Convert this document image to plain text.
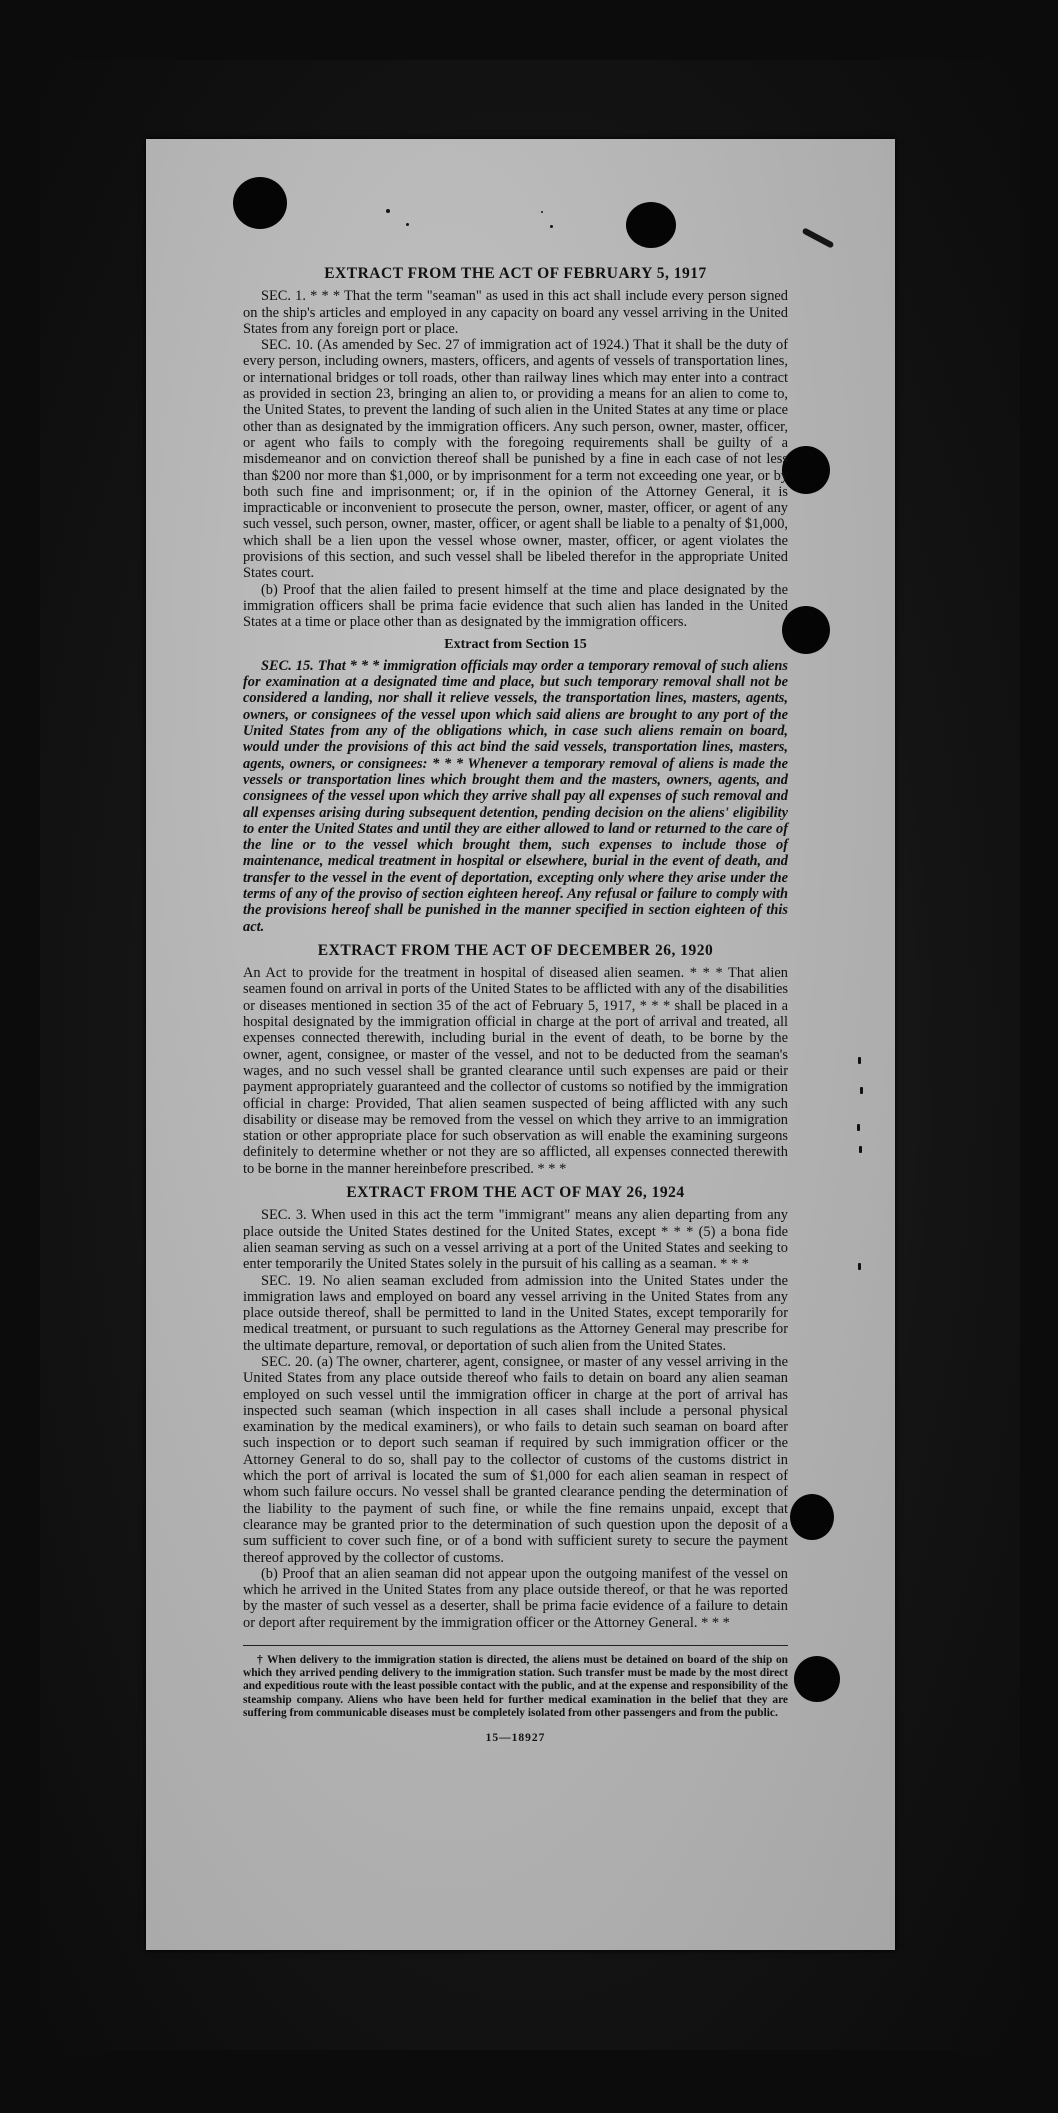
EXTRACT FROM THE ACT OF FEBRUARY 5, 1917

SEC. 1. * * * That the term "seaman" as used in this act shall include every person signed on the ship's articles and employed in any capacity on board any vessel arriving in the United States from any foreign port or place.

SEC. 10. (As amended by Sec. 27 of immigration act of 1924.) That it shall be the duty of every person, including owners, masters, officers, and agents of vessels of transportation lines, or international bridges or toll roads, other than railway lines which may enter into a contract as provided in section 23, bringing an alien to, or providing a means for an alien to come to, the United States, to prevent the landing of such alien in the United States at any time or place other than as designated by the immigration officers. Any such person, owner, master, officer, or agent who fails to comply with the foregoing requirements shall be guilty of a misdemeanor and on conviction thereof shall be punished by a fine in each case of not less than $200 nor more than $1,000, or by imprisonment for a term not exceeding one year, or by both such fine and imprisonment; or, if in the opinion of the Attorney General, it is impracticable or inconvenient to prosecute the person, owner, master, officer, or agent of any such vessel, such person, owner, master, officer, or agent shall be liable to a penalty of $1,000, which shall be a lien upon the vessel whose owner, master, officer, or agent violates the provisions of this section, and such vessel shall be libeled therefor in the appropriate United States court.

(b) Proof that the alien failed to present himself at the time and place designated by the immigration officers shall be prima facie evidence that such alien has landed in the United States at a time or place other than as designated by the immigration officers.

Extract from Section 15

SEC. 15. That * * * immigration officials may order a temporary removal of such aliens for examination at a designated time and place, but such temporary removal shall not be considered a landing, nor shall it relieve vessels, the transportation lines, masters, agents, owners, or consignees of the vessel upon which said aliens are brought to any port of the United States from any of the obligations which, in case such aliens remain on board, would under the provisions of this act bind the said vessels, transportation lines, masters, agents, owners, or consignees: * * * Whenever a temporary removal of aliens is made the vessels or transportation lines which brought them and the masters, owners, agents, and consignees of the vessel upon which they arrive shall pay all expenses of such removal and all expenses arising during subsequent detention, pending decision on the aliens' eligibility to enter the United States and until they are either allowed to land or returned to the care of the line or to the vessel which brought them, such expenses to include those of maintenance, medical treatment in hospital or elsewhere, burial in the event of death, and transfer to the vessel in the event of deportation, excepting only where they arise under the terms of any of the proviso of section eighteen hereof. Any refusal or failure to comply with the provisions hereof shall be punished in the manner specified in section eighteen of this act.

EXTRACT FROM THE ACT OF DECEMBER 26, 1920

An Act to provide for the treatment in hospital of diseased alien seamen. * * * That alien seamen found on arrival in ports of the United States to be afflicted with any of the disabilities or diseases mentioned in section 35 of the act of February 5, 1917, * * * shall be placed in a hospital designated by the immigration official in charge at the port of arrival and treated, all expenses connected therewith, including burial in the event of death, to be borne by the owner, agent, consignee, or master of the vessel, and not to be deducted from the seaman's wages, and no such vessel shall be granted clearance until such expenses are paid or their payment appropriately guaranteed and the collector of customs so notified by the immigration official in charge: Provided, That alien seamen suspected of being afflicted with any such disability or disease may be removed from the vessel on which they arrive to an immigration station or other appropriate place for such observation as will enable the examining surgeons definitely to determine whether or not they are so afflicted, all expenses connected therewith to be borne in the manner hereinbefore prescribed. * * *

EXTRACT FROM THE ACT OF MAY 26, 1924

SEC. 3. When used in this act the term "immigrant" means any alien departing from any place outside the United States destined for the United States, except * * * (5) a bona fide alien seaman serving as such on a vessel arriving at a port of the United States and seeking to enter temporarily the United States solely in the pursuit of his calling as a seaman. * * *

SEC. 19. No alien seaman excluded from admission into the United States under the immigration laws and employed on board any vessel arriving in the United States from any place outside thereof, shall be permitted to land in the United States, except temporarily for medical treatment, or pursuant to such regulations as the Attorney General may prescribe for the ultimate departure, removal, or deportation of such alien from the United States.

SEC. 20. (a) The owner, charterer, agent, consignee, or master of any vessel arriving in the United States from any place outside thereof who fails to detain on board any alien seaman employed on such vessel until the immigration officer in charge at the port of arrival has inspected such seaman (which inspection in all cases shall include a personal physical examination by the medical examiners), or who fails to detain such seaman on board after such inspection or to deport such seaman if required by such immigration officer or the Attorney General to do so, shall pay to the collector of customs of the customs district in which the port of arrival is located the sum of $1,000 for each alien seaman in respect of whom such failure occurs. No vessel shall be granted clearance pending the determination of the liability to the payment of such fine, or while the fine remains unpaid, except that clearance may be granted prior to the determination of such question upon the deposit of a sum sufficient to cover such fine, or of a bond with sufficient surety to secure the payment thereof approved by the collector of customs.

(b) Proof that an alien seaman did not appear upon the outgoing manifest of the vessel on which he arrived in the United States from any place outside thereof, or that he was reported by the master of such vessel as a deserter, shall be prima facie evidence of a failure to detain or deport after requirement by the immigration officer or the Attorney General. * * *

† When delivery to the immigration station is directed, the aliens must be detained on board of the ship on which they arrived pending delivery to the immigration station. Such transfer must be made by the most direct and expeditious route with the least possible contact with the public, and at the expense and responsibility of the steamship company. Aliens who have been held for further medical examination in the belief that they are suffering from communicable diseases must be completely isolated from other passengers and from the public.

15—18927
